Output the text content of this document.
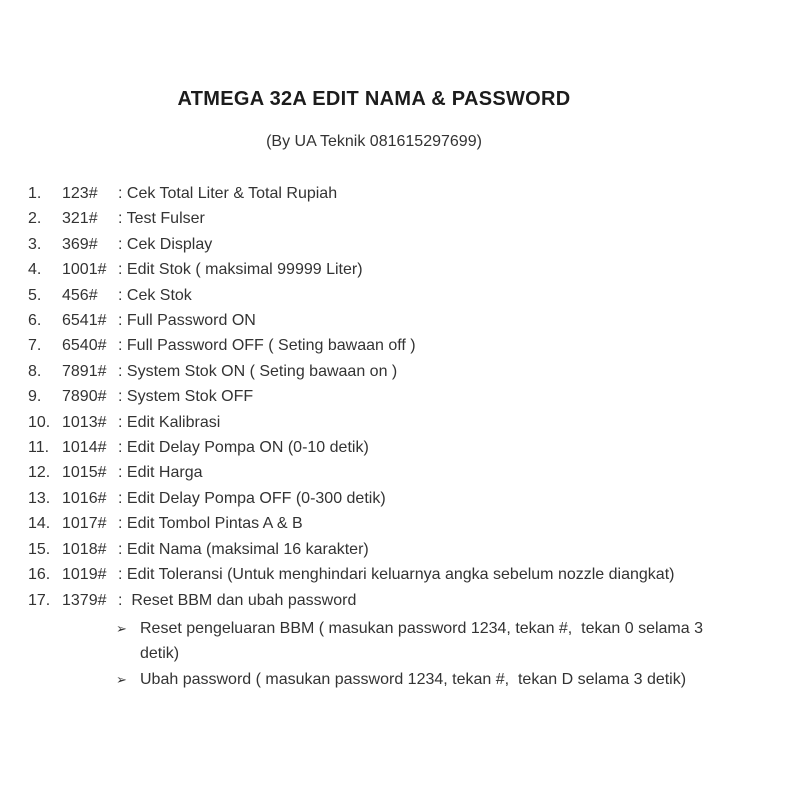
ATMEGA 32A EDIT NAMA & PASSWORD
(By UA Teknik 081615297699)
1.	123#	: Cek Total Liter & Total Rupiah
2.	321#	: Test Fulser
3.	369#	: Cek Display
4.	1001# : Edit Stok ( maksimal 99999 Liter)
5.	456#	: Cek Stok
6.	6541# : Full Password ON
7.	6540# : Full Password OFF ( Seting bawaan off )
8.	7891# : System Stok ON ( Seting bawaan on )
9.	7890# : System Stok OFF
10. 1013# : Edit Kalibrasi
11. 1014# : Edit Delay Pompa ON (0-10 detik)
12. 1015# : Edit Harga
13. 1016# : Edit Delay Pompa OFF (0-300 detik)
14. 1017# : Edit Tombol Pintas A & B
15. 1018# : Edit Nama (maksimal 16 karakter)
16. 1019# : Edit Toleransi (Untuk menghindari keluarnya angka sebelum nozzle diangkat)
17. 1379# :  Reset BBM dan ubah password
➢ Reset pengeluaran BBM ( masukan password 1234, tekan #,  tekan 0 selama 3 detik)
➢ Ubah password ( masukan password 1234, tekan #,  tekan D selama 3 detik)
